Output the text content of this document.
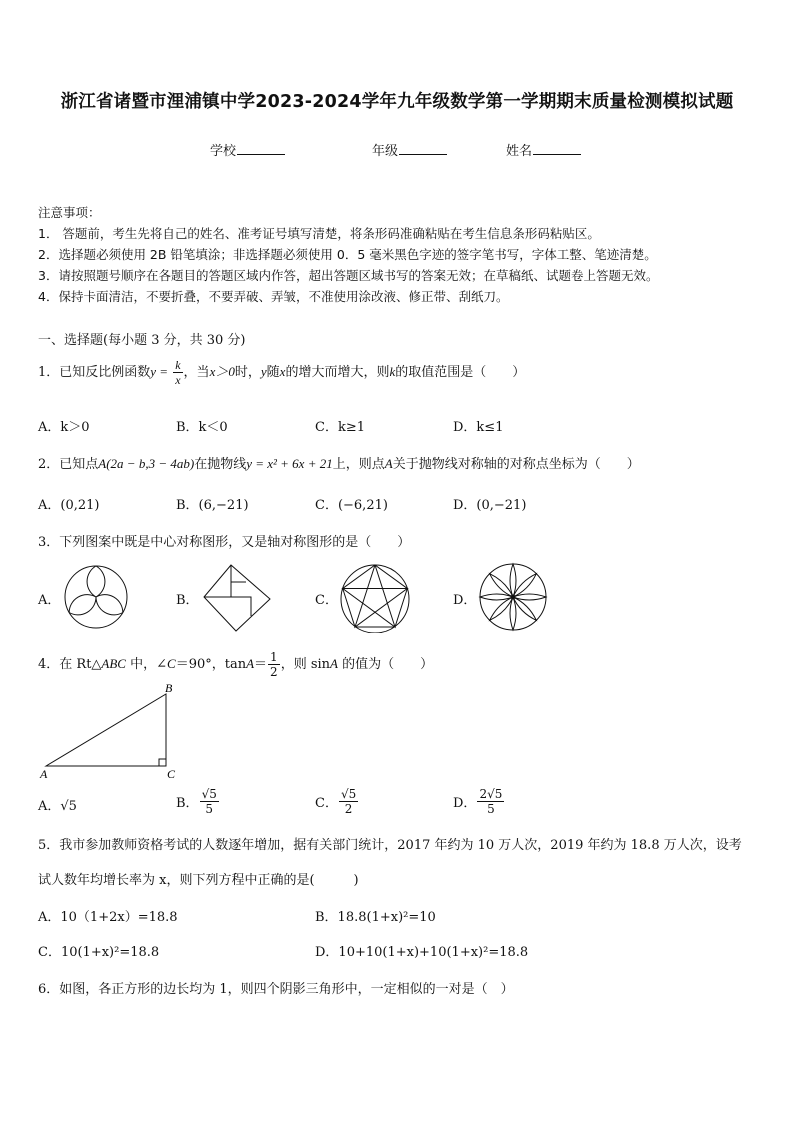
浙江省诸暨市浬浦镇中学2023-2024学年九年级数学第一学期期末质量检测模拟试题
学校	年级	姓名
注意事项：
1． 答题前，考生先将自己的姓名、准考证号填写清楚，将条形码准确粘贴在考生信息条形码粘贴区。
2．选择题必须使用 2B 铅笔填涂；非选择题必须使用 0．5 毫米黑色字迹的签字笔书写，字体工整、笔迹清楚。
3．请按照题号顺序在各题目的答题区域内作答，超出答题区域书写的答案无效；在草稿纸、试题卷上答题无效。
4．保持卡面清洁，不要折叠，不要弄破、弄皱，不准使用涂改液、修正带、刮纸刀。
一、选择题(每小题 3 分，共 30 分)
1．已知反比例函数$y = \frac{k}{x}$ ，当x＞0时，y随x的增大而增大，则k的取值范围是（　　）
A．k＞0	B．k＜0	C．k≥1	D．k≤1
2．已知点A(2a − b,3 − 4ab)在抛物线y = x² + 6x + 21上，则点A关于抛物线对称轴的对称点坐标为（　　）
A．(0,21)	B．(6,−21)	C．(−6,21)	D．(0,−21)
3．下列图案中既是中心对称图形，又是轴对称图形的是（　　）
A．	B．	C．	D．
4．在 Rt△ABC 中，∠C＝90°，$\tan A= \frac{1}{2}$ ，则 sinA 的值为（　　）
A
B
C
A．√5	B． $\frac{√5}{5}$	C． $\frac{√5}{2}$	D． $\frac{2√5}{5}$
5．我市参加教师资格考试的人数逐年增加，据有关部门统计，2017 年约为 10 万人次，2019 年约为 18.8 万人次，设考
试人数年均增长率为 x，则下列方程中正确的是(　　　)
A．10（1+2x）=18.8	B．18.8(1+x)²=10
C．10(1+x)²=18.8	D．10+10(1+x)+10(1+x)²=18.8
6．如图，各正方形的边长均为 1，则四个阴影三角形中，一定相似的一对是（　）
